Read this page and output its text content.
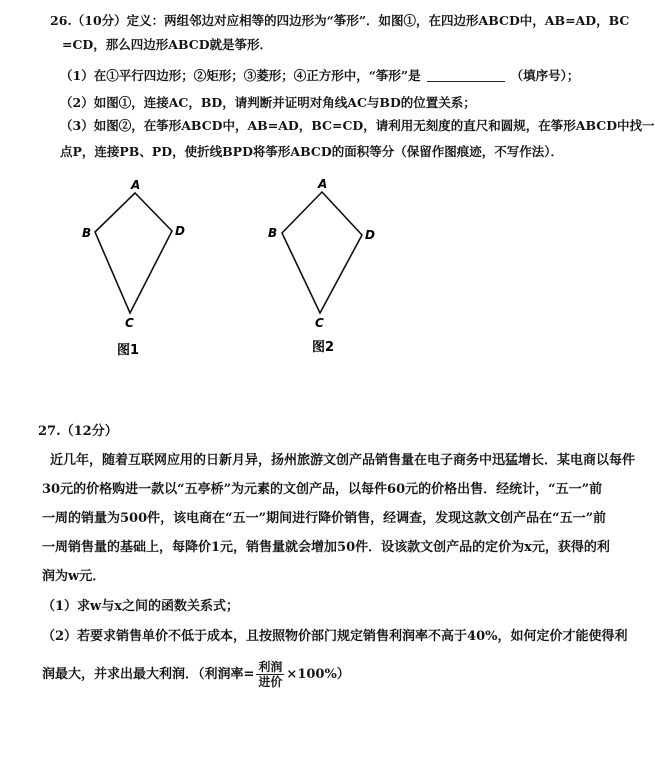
26.（10分）定义：两组邻边对应相等的四边形为“筝形”．如图①，在四边形ABCD中，AB=AD，BC
=CD，那么四边形ABCD就是筝形．
（1）在①平行四边形；②矩形；③菱形；④正方形中，“筝形”是	（填序号）；
（2）如图①，连接AC，BD，请判断并证明对角线AC与BD的位置关系；
（3）如图②，在筝形ABCD中，AB=AD，BC=CD，请利用无刻度的直尺和圆规，在筝形ABCD中找一
点P，连接PB、PD，使折线BPD将筝形ABCD的面积等分（保留作图痕迹，不写作法）．
A
B
C
D
图1
A
B
C
D
图2
27.（12分）
近几年，随着互联网应用的日新月异，扬州旅游文创产品销售量在电子商务中迅猛增长．某电商以每件
30元的价格购进一款以“五亭桥”为元素的文创产品，以每件60元的价格出售．经统计，“五一”前
一周的销量为500件，该电商在“五一”期间进行降价销售，经调查，发现这款文创产品在“五一”前
一周销售量的基础上，每降价1元，销售量就会增加50件．设该款文创产品的定价为x元，获得的利
润为w元．
（1）求w与x之间的函数关系式；
（2）若要求销售单价不低于成本，且按照物价部门规定销售利润率不高于40%，如何定价才能使得利
润最大，并求出最大利润．（利润率= $\frac{\text{利润}}{\text{进价}} \times 100\%$）
